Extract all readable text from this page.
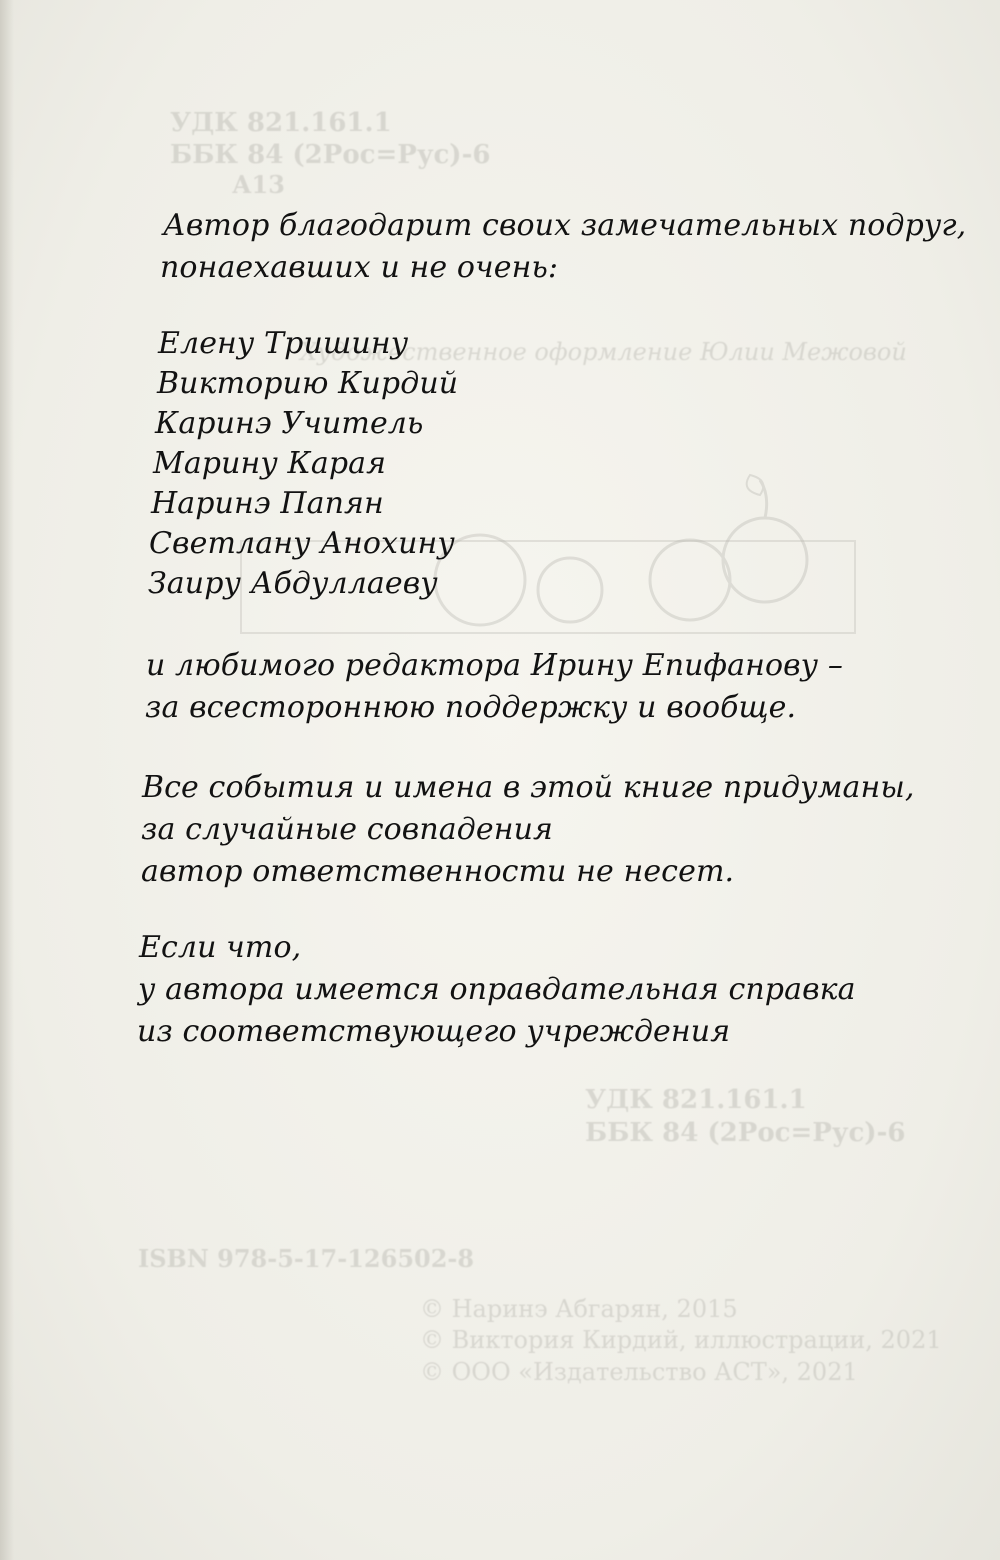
УДК 821.161.1
ББК 84 (2Рос=Рус)-6
А13
Художественное оформление Юлии Межовой
УДК 821.161.1
ББК 84 (2Рос=Рус)-6
ISBN 978-5-17-126502-8
© Наринэ Абгарян, 2015
© Виктория Кирдий, иллюстрации, 2021
© ООО «Издательство АСТ», 2021
Автор благодарит своих замечательных подруг,
понаехавших и не очень:
Елену Тришину
Викторию Кирдий
Каринэ Учитель
Марину Карая
Наринэ Папян
Светлану Анохину
Заиру Абдуллаеву
и любимого редактора Ирину Епифанову –
за всестороннюю поддержку и вообще.
Все события и имена в этой книге придуманы,
за случайные совпадения
автор ответственности не несет.
Если что,
у автора имеется оправдательная справка
из соответствующего учреждения
